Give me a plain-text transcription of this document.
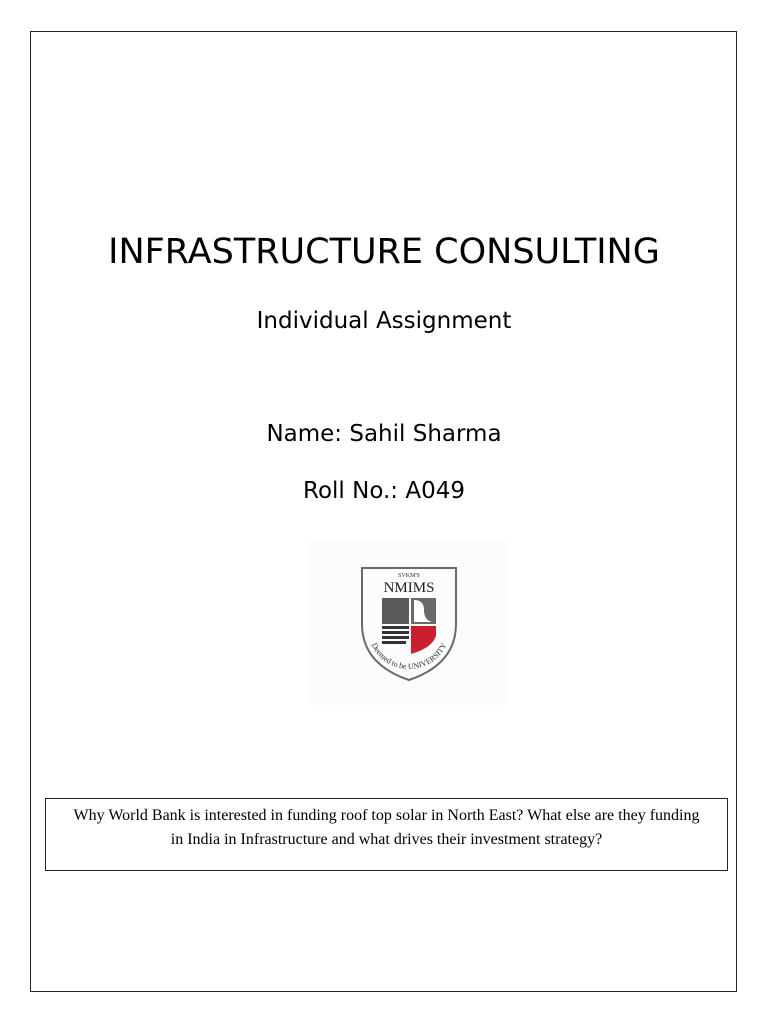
INFRASTRUCTURE CONSULTING
Individual Assignment
Name: Sahil Sharma
Roll No.: A049
SVKM'S
NMIMS
Deemed to be UNIVERSITY
Why World Bank is interested in funding roof top solar in North East? What else are they funding in India in Infrastructure and what drives their investment strategy?
